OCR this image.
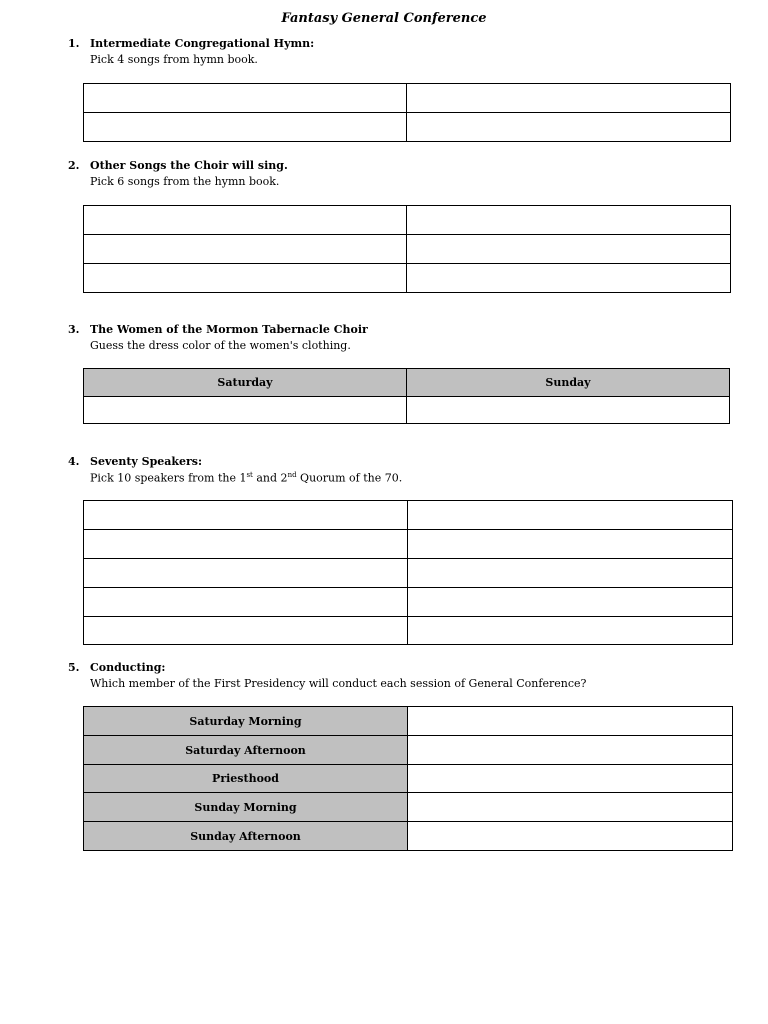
Fantasy General Conference
1. Intermediate Congregational Hymn:
Pick 4 songs from hymn book.

2. Other Songs the Choir will sing.
Pick 6 songs from the hymn book.

3. The Women of the Mormon Tabernacle Choir
Guess the dress color of the women's clothing.
Saturday	Sunday

4. Seventy Speakers:
Pick 10 speakers from the 1st and 2nd Quorum of the 70.

5. Conducting:
Which member of the First Presidency will conduct each session of General Conference?
Saturday Morning	
Saturday Afternoon	
Priesthood	
Sunday Morning	
Sunday Afternoon	
